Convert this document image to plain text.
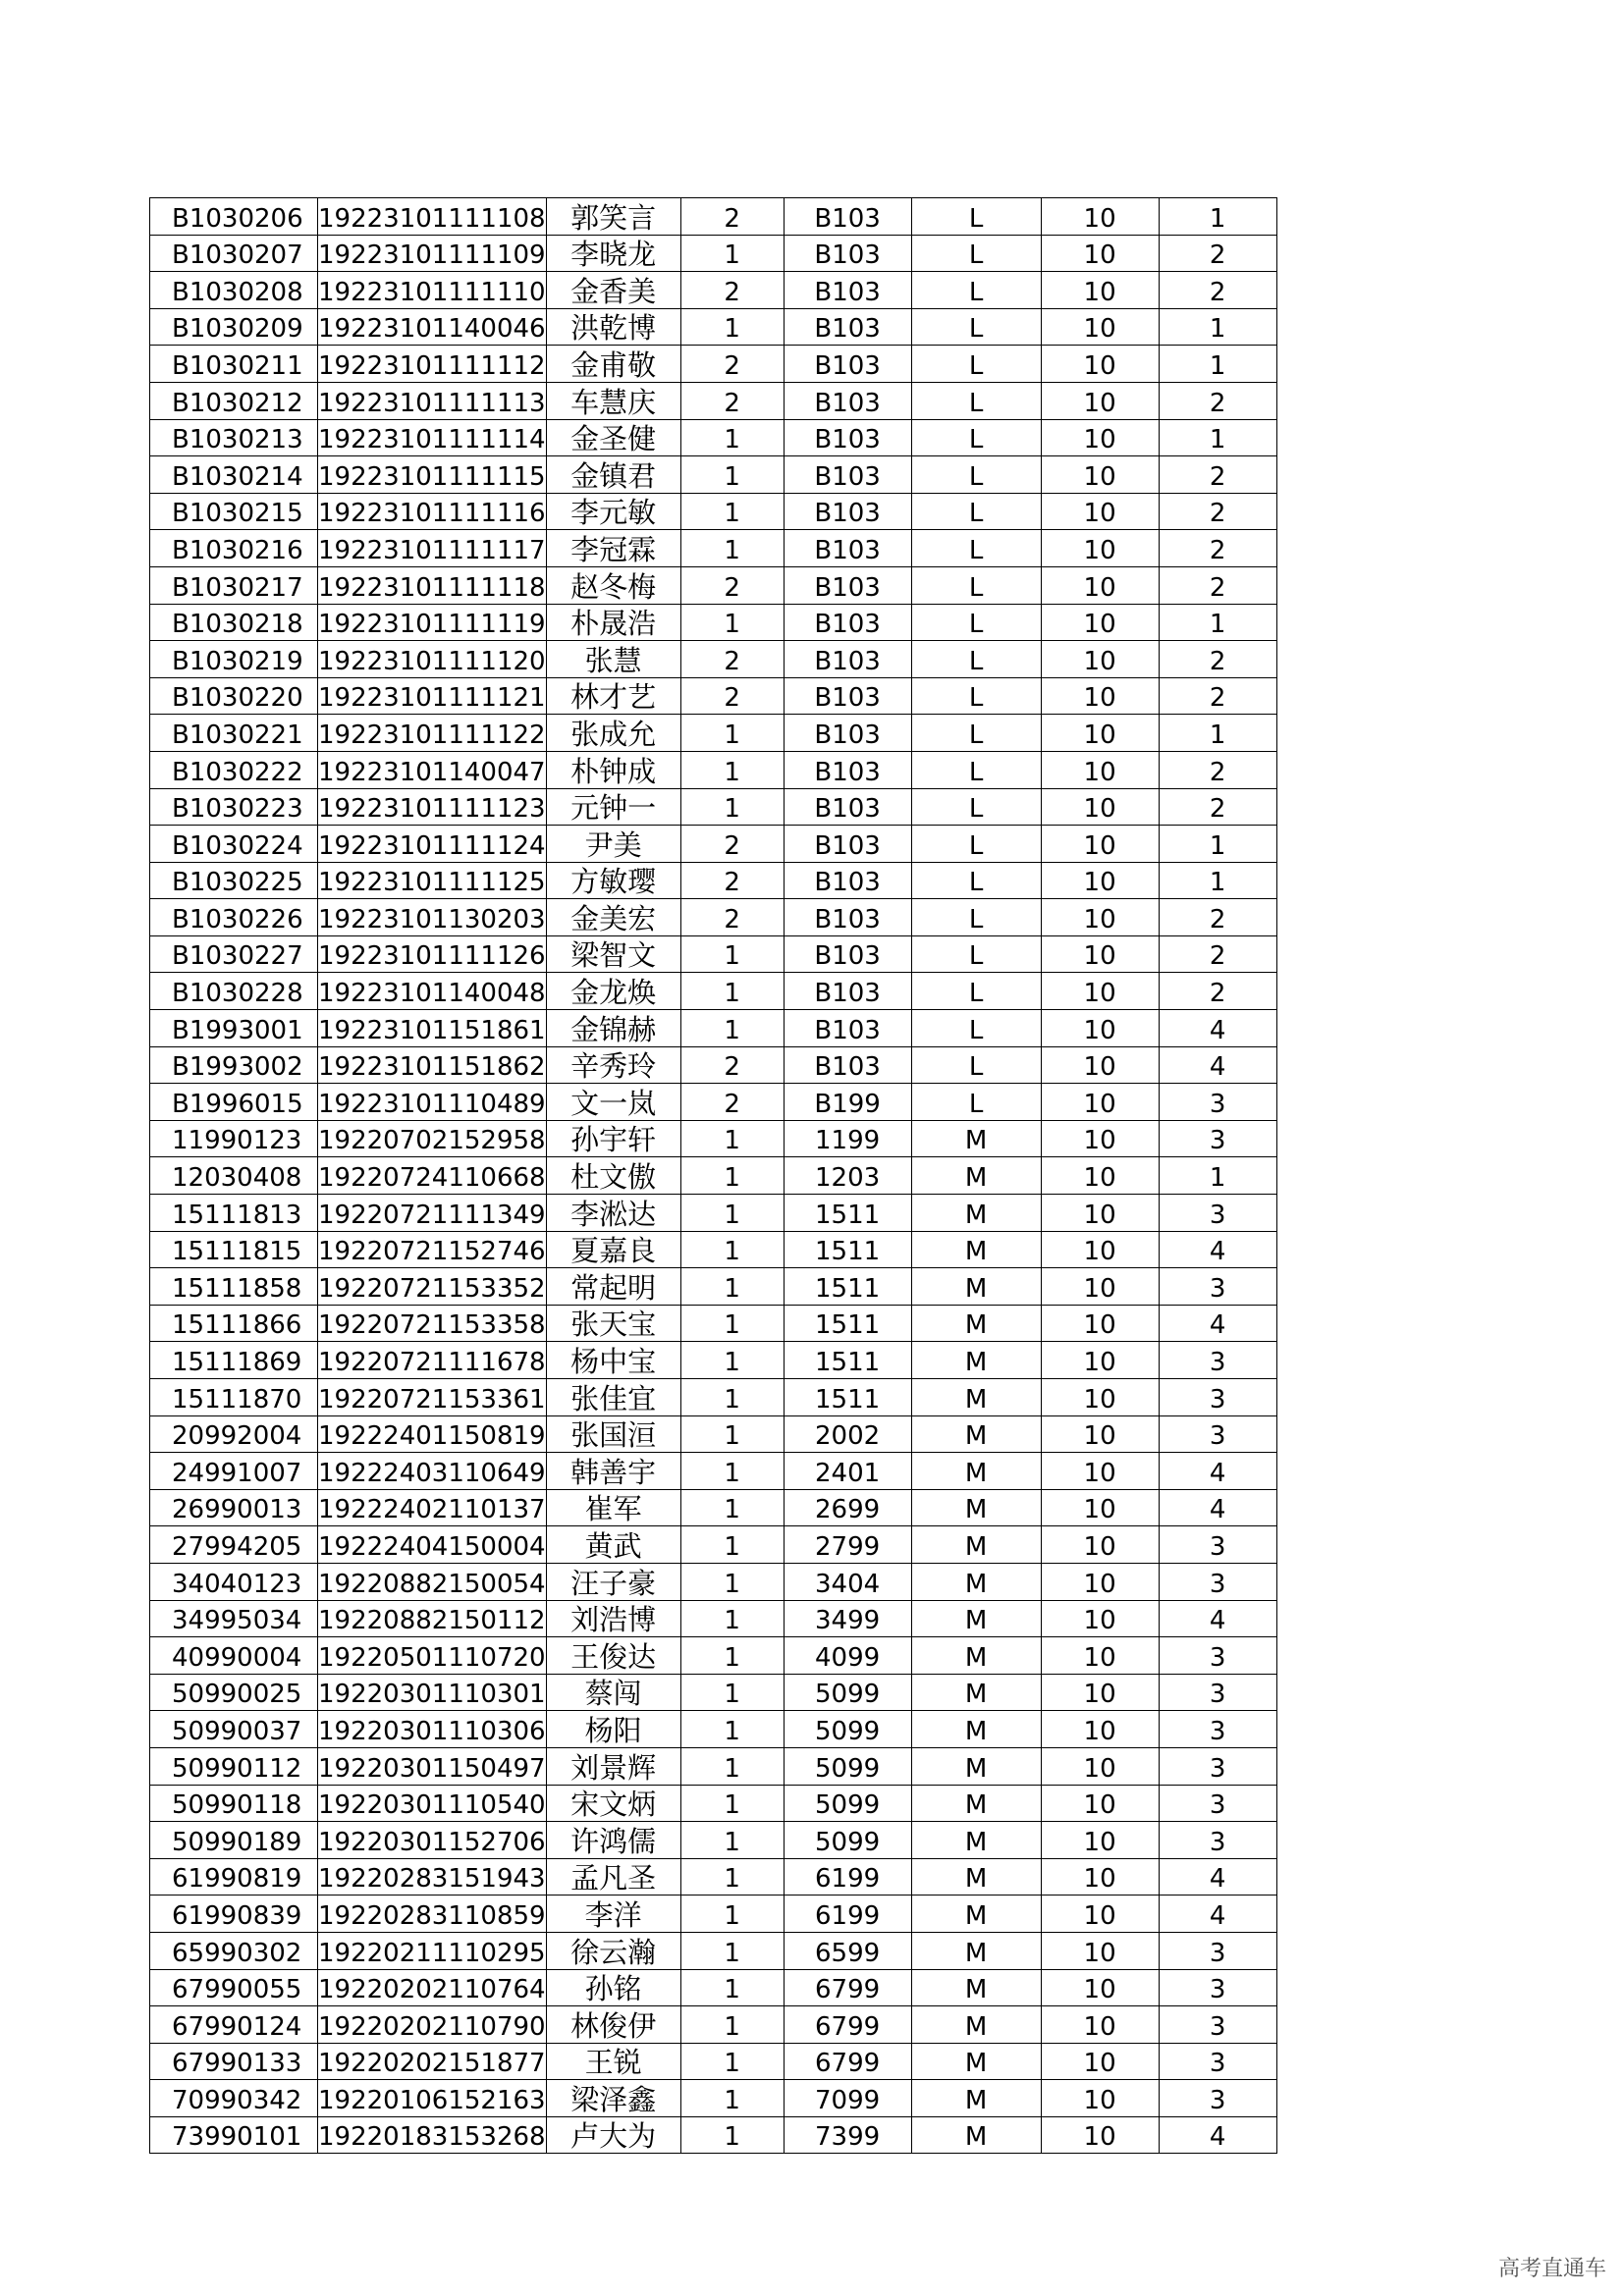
B1030206	19223101111108	郭笑言	2	B103	L	10	1
B1030207	19223101111109	李晓龙	1	B103	L	10	2
B1030208	19223101111110	金香美	2	B103	L	10	2
B1030209	19223101140046	洪乾博	1	B103	L	10	1
B1030211	19223101111112	金甫敬	2	B103	L	10	1
B1030212	19223101111113	车慧庆	2	B103	L	10	2
B1030213	19223101111114	金圣健	1	B103	L	10	1
B1030214	19223101111115	金镇君	1	B103	L	10	2
B1030215	19223101111116	李元敏	1	B103	L	10	2
B1030216	19223101111117	李冠霖	1	B103	L	10	2
B1030217	19223101111118	赵冬梅	2	B103	L	10	2
B1030218	19223101111119	朴晟浩	1	B103	L	10	1
B1030219	19223101111120	张慧	2	B103	L	10	2
B1030220	19223101111121	林才艺	2	B103	L	10	2
B1030221	19223101111122	张成允	1	B103	L	10	1
B1030222	19223101140047	朴钟成	1	B103	L	10	2
B1030223	19223101111123	元钟一	1	B103	L	10	2
B1030224	19223101111124	尹美	2	B103	L	10	1
B1030225	19223101111125	方敏璎	2	B103	L	10	1
B1030226	19223101130203	金美宏	2	B103	L	10	2
B1030227	19223101111126	梁智文	1	B103	L	10	2
B1030228	19223101140048	金龙焕	1	B103	L	10	2
B1993001	19223101151861	金锦赫	1	B103	L	10	4
B1993002	19223101151862	辛秀玲	2	B103	L	10	4
B1996015	19223101110489	文一岚	2	B199	L	10	3
11990123	19220702152958	孙宇轩	1	1199	M	10	3
12030408	19220724110668	杜文傲	1	1203	M	10	1
15111813	19220721111349	李淞达	1	1511	M	10	3
15111815	19220721152746	夏嘉良	1	1511	M	10	4
15111858	19220721153352	常起明	1	1511	M	10	3
15111866	19220721153358	张天宝	1	1511	M	10	4
15111869	19220721111678	杨中宝	1	1511	M	10	3
15111870	19220721153361	张佳宜	1	1511	M	10	3
20992004	19222401150819	张国洹	1	2002	M	10	3
24991007	19222403110649	韩善宇	1	2401	M	10	4
26990013	19222402110137	崔军	1	2699	M	10	4
27994205	19222404150004	黄武	1	2799	M	10	3
34040123	19220882150054	汪子豪	1	3404	M	10	3
34995034	19220882150112	刘浩博	1	3499	M	10	4
40990004	19220501110720	王俊达	1	4099	M	10	3
50990025	19220301110301	蔡闯	1	5099	M	10	3
50990037	19220301110306	杨阳	1	5099	M	10	3
50990112	19220301150497	刘景辉	1	5099	M	10	3
50990118	19220301110540	宋文炳	1	5099	M	10	3
50990189	19220301152706	许鸿儒	1	5099	M	10	3
61990819	19220283151943	孟凡圣	1	6199	M	10	4
61990839	19220283110859	李洋	1	6199	M	10	4
65990302	19220211110295	徐云瀚	1	6599	M	10	3
67990055	19220202110764	孙铭	1	6799	M	10	3
67990124	19220202110790	林俊伊	1	6799	M	10	3
67990133	19220202151877	王锐	1	6799	M	10	3
70990342	19220106152163	梁泽鑫	1	7099	M	10	3
73990101	19220183153268	卢大为	1	7399	M	10	4
高考直通车
